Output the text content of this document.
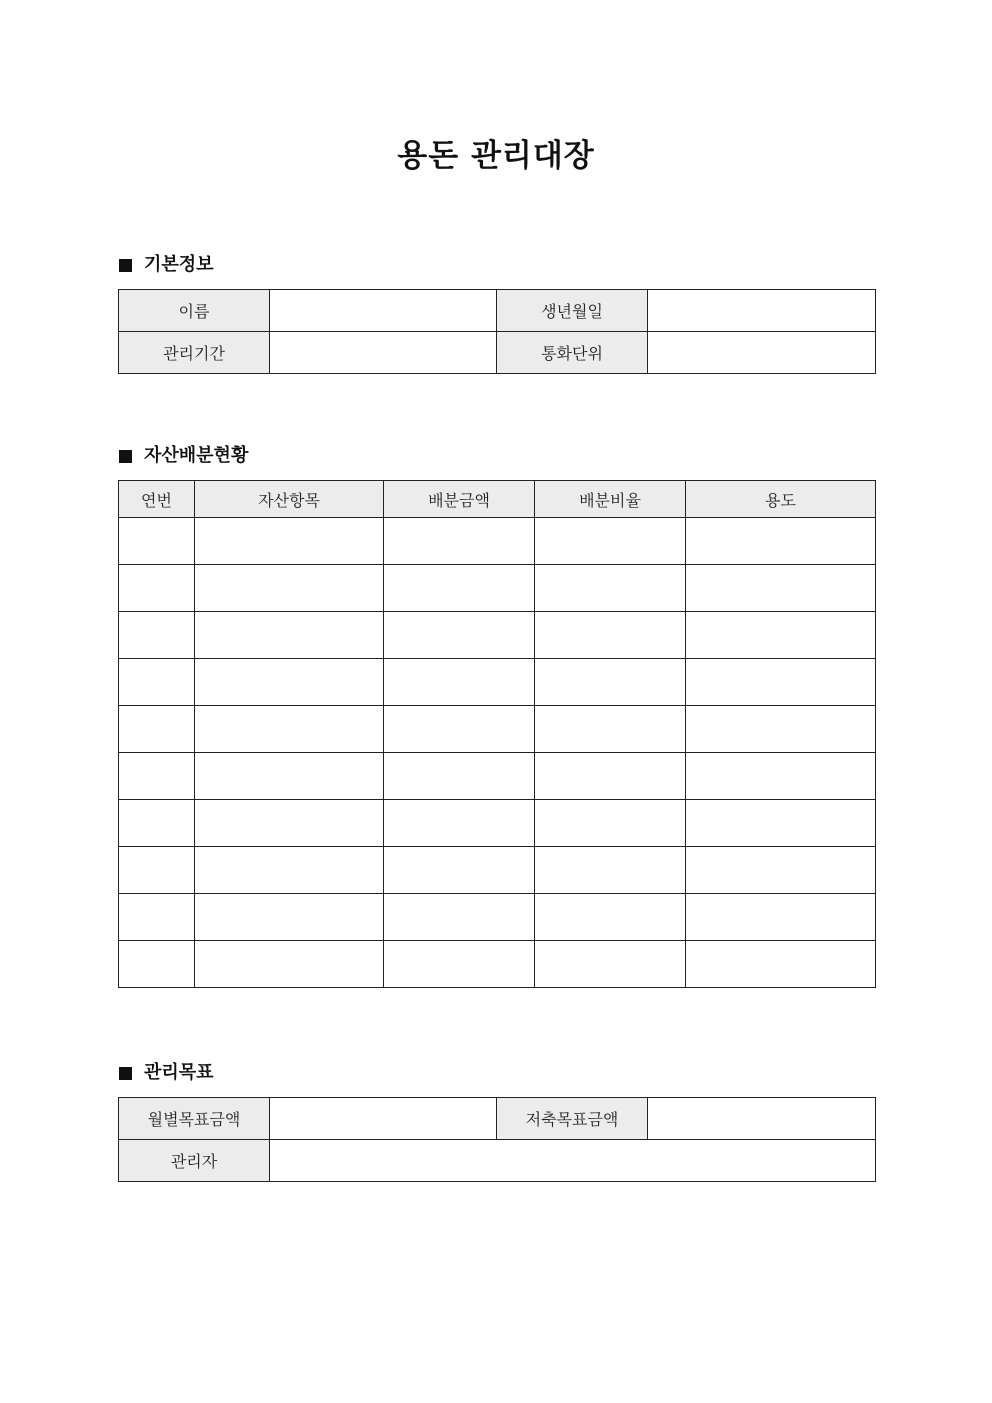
용돈 관리대장
기본정보
이름		생년월일	
관리기간		통화단위	
자산배분현황
연번	자산항목	배분금액	배분비율	용도

관리목표
월별목표금액		저축목표금액	
관리자			
